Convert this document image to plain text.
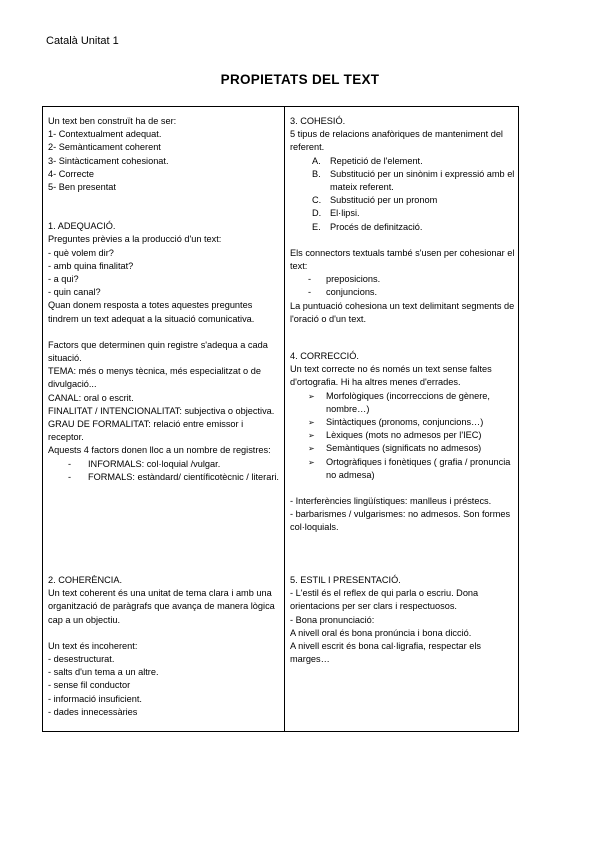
Català Unitat 1
PROPIETATS DEL TEXT

Un text ben construït ha de ser:

1- Contextualment adequat.

2- Semànticament coherent

3- Sintàcticament cohesionat.

4- Correcte

5- Ben presentat

1. ADEQUACIÓ.

Preguntes prèvies a la producció d'un text:

- què volem dir?

- amb quina finalitat?

- a qui?

- quin canal?

Quan donem resposta a totes aquestes preguntes tindrem un text adequat a la situació comunicativa.

Factors que determinen quin registre s'adequa a cada situació.

TEMA: més o menys tècnica, més especialitzat o de divulgació...

CANAL: oral o escrit.

FINALITAT / INTENCIONALITAT: subjectiva o objectiva.

GRAU DE FORMALITAT: relació entre emissor i receptor.

Aquests 4 factors donen lloc a un nombre de registres:

- INFORMALS: col·loquial /vulgar.
- FORMALS: estàndard/ científicotècnic / literari.

2. COHERÈNCIA.

Un text coherent és una unitat de tema clara i amb una organització de paràgrafs que avança de manera lògica cap a un objectiu.

Un text és incoherent:

- desestructurat.

- salts d'un tema a un altre.

- sense fil conductor

- informació insuficient.

- dades innecessàries

3. COHESIÓ.

5 tipus de relacions anafòriques de manteniment del referent.

A. Repetició de l'element.
B. Substitució per un sinònim i expressió amb el mateix referent.
C. Substitució per un pronom
D. El·lipsi.
E. Procés de definització.

Els connectors textuals també s'usen per cohesionar el text:

- preposicions.
- conjuncions.

La puntuació cohesiona un text delimitant segments de l'oració o d'un text.

4. CORRECCIÓ.

Un text correcte no és només un text sense faltes d'ortografia. Hi ha altres menes d'errades.

➢ Morfològiques (incorreccions de gènere, nombre…)
➢ Sintàctiques (pronoms, conjuncions…)
➢ Lèxiques (mots no admesos per l'IEC)
➢ Semàntiques (significats no admesos)
➢ Ortogràfiques i fonètiques ( grafia / pronuncia no admesa)

- Interferències lingüístiques: manlleus i préstecs.

- barbarismes / vulgarismes: no admesos. Son formes col·loquials.

5. ESTIL I PRESENTACIÓ.

- L'estil és el reflex de qui parla o escriu. Dona orientacions per ser clars i respectuosos.

- Bona pronunciació:

A nivell oral és bona pronúncia i bona dicció.

A nivell escrit és bona cal·ligrafia, respectar els marges…
